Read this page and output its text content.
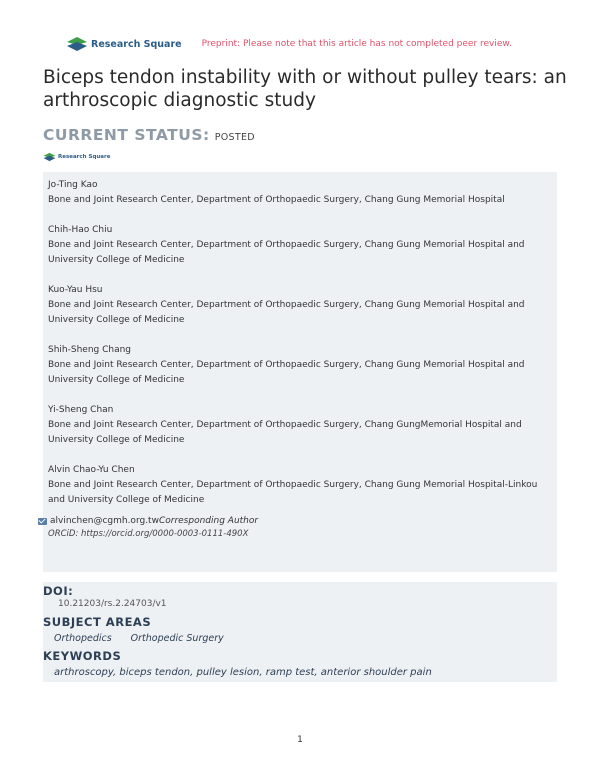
Research Square Preprint: Please note that this article has not completed peer review.
Biceps tendon instability with or without pulley tears: an arthroscopic diagnostic study
CURRENT STATUS: POSTED
Research Square
Jo-Ting Kao
Bone and Joint Research Center, Department of Orthopaedic Surgery, Chang Gung Memorial Hospital
Chih-Hao Chiu
Bone and Joint Research Center, Department of Orthopaedic Surgery, Chang Gung Memorial Hospital and University College of Medicine
Kuo-Yau Hsu
Bone and Joint Research Center, Department of Orthopaedic Surgery, Chang Gung Memorial Hospital and University College of Medicine
Shih-Sheng Chang
Bone and Joint Research Center, Department of Orthopaedic Surgery, Chang Gung Memorial Hospital and University College of Medicine
Yi-Sheng Chan
Bone and Joint Research Center, Department of Orthopaedic Surgery, Chang GungMemorial Hospital and University College of Medicine
Alvin Chao-Yu Chen
Bone and Joint Research Center, Department of Orthopaedic Surgery, Chang Gung Memorial Hospital-Linkou and University College of Medicine
alvinchen@cgmh.org.tw Corresponding Author
ORCiD: https://orcid.org/0000-0003-0111-490X
DOI:
10.21203/rs.2.24703/v1
SUBJECT AREAS
Orthopedics Orthopedic Surgery
KEYWORDS
arthroscopy, biceps tendon, pulley lesion, ramp test, anterior shoulder pain
1
